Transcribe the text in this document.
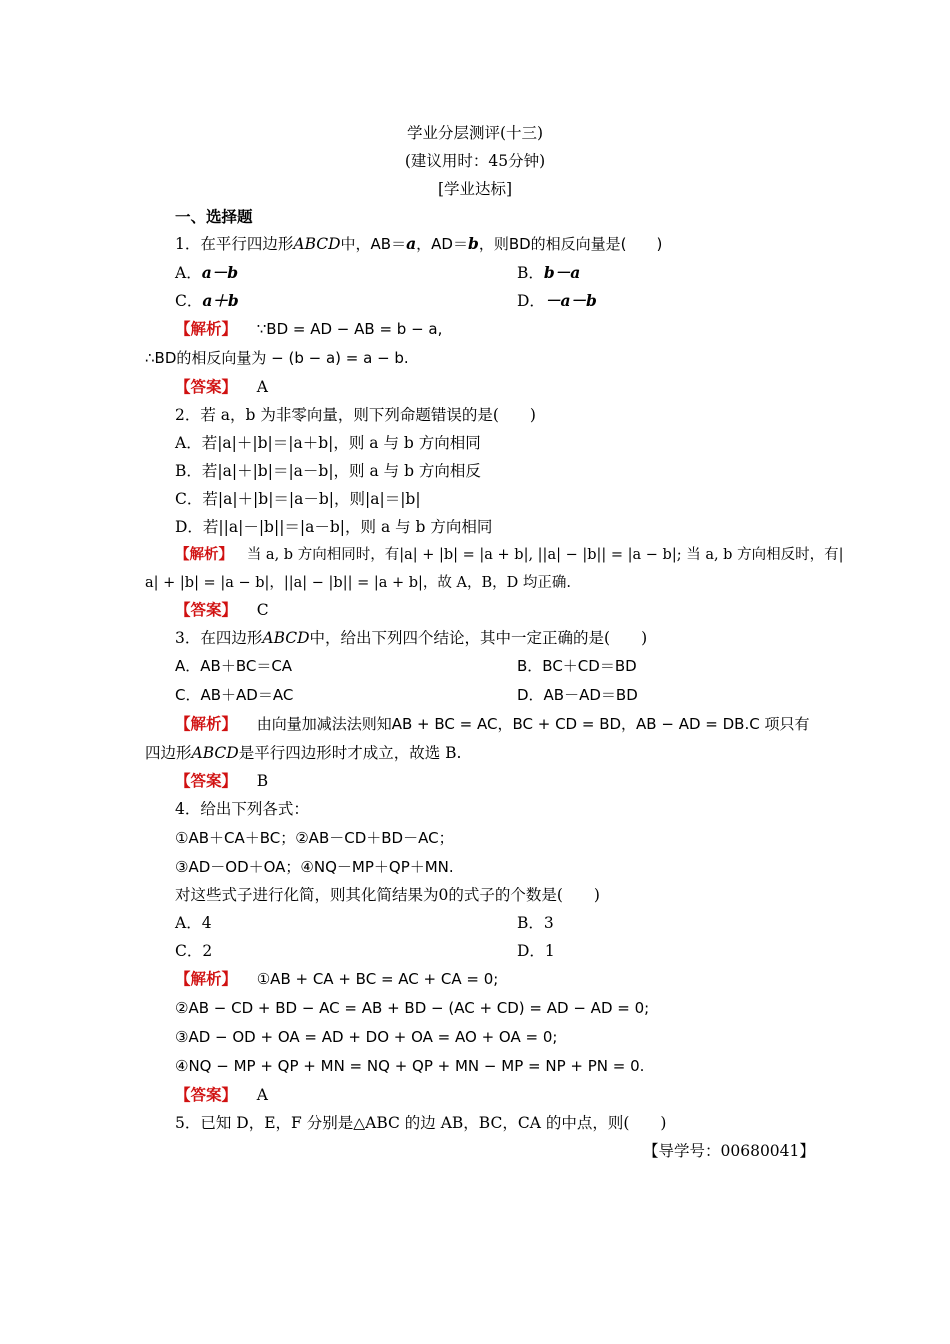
学业分层测评(十三)
(建议用时：45分钟)
[学业达标]
一、选择题
1．在平行四边形ABCD中，AB＝a，AD＝b，则BD的相反向量是(　　)
A．a－b	B．b－a
C．a＋b	D．－a－b
【解析】 ∵BD = AD − AB = b − a,
∴BD的相反向量为 − (b − a) = a − b.
【答案】 A
2．若 a，b 为非零向量，则下列命题错误的是(　　)
A．若|a|＋|b|＝|a＋b|，则 a 与 b 方向相同
B．若|a|＋|b|＝|a－b|，则 a 与 b 方向相反
C．若|a|＋|b|＝|a－b|，则|a|＝|b|
D．若||a|－|b||＝|a－b|，则 a 与 b 方向相同
【解析】 当 a, b 方向相同时，有|a| + |b| = |a + b|, ||a| − |b|| = |a − b|; 当 a, b 方向相反时，有|
a| + |b| = |a − b|，||a| − |b|| = |a + b|，故 A，B，D 均正确.
【答案】 C
3．在四边形ABCD中，给出下列四个结论，其中一定正确的是(　　)
A．AB＋BC＝CA	B．BC＋CD＝BD
C．AB＋AD＝AC	D．AB－AD＝BD
【解析】 由向量加减法法则知AB + BC = AC，BC + CD = BD，AB − AD = DB.C 项只有
四边形ABCD是平行四边形时才成立，故选 B.
【答案】 B
4．给出下列各式：
①AB＋CA＋BC；②AB－CD＋BD－AC；
③AD－OD＋OA；④NQ－MP＋QP＋MN.
对这些式子进行化简，则其化简结果为0的式子的个数是(　　)
A．4	B．3
C．2	D．1
【解析】 ①AB + CA + BC = AC + CA = 0;
②AB − CD + BD − AC = AB + BD − (AC + CD) = AD − AD = 0;
③AD − OD + OA = AD + DO + OA = AO + OA = 0;
④NQ − MP + QP + MN = NQ + QP + MN − MP = NP + PN = 0.
【答案】 A
5．已知 D，E，F 分别是△ABC 的边 AB，BC，CA 的中点，则(　　)
【导学号：00680041】
